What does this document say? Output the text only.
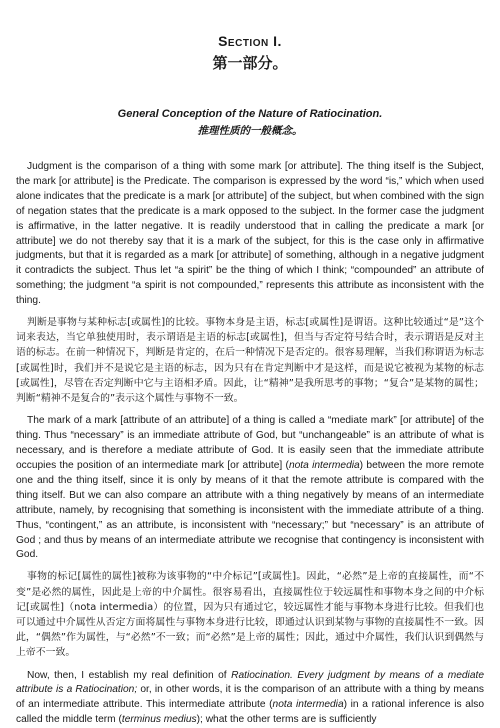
Section I.
第一部分。
General Conception of the Nature of Ratiocination.
推理性质的一般概念。

Judgment is the comparison of a thing with some mark [or attribute]. The thing itself is the Subject, the mark [or attribute] is the Predicate. The comparison is expressed by the word “is,” which when used alone indicates that the predicate is a mark [or attribute] of the subject, but when combined with the sign of negation states that the predicate is a mark opposed to the subject. In the former case the judgment is affirmative, in the latter negative. It is readily understood that in calling the predicate a mark [or attribute] we do not thereby say that it is a mark of the subject, for this is the case only in affirmative judgments, but that it is regarded as a mark [or attribute] of something, although in a negative judgment it contradicts the subject. Thus let “a spirit” be the thing of which I think; “compounded” an attribute of something; the judgment “a spirit is not compounded,” represents this attribute as inconsistent with the thing.

判断是事物与某种标志[或属性]的比较。事物本身是主语，标志[或属性]是谓语。这种比较通过“是”这个词来表达，当它单独使用时，表示谓语是主语的标志[或属性]，但当与否定符号结合时，表示谓语是反对主语的标志。在前一种情况下，判断是肯定的，在后一种情况下是否定的。很容易理解，当我们称谓语为标志[或属性]时，我们并不是说它是主语的标志，因为只有在肯定判断中才是这样，而是说它被视为某物的标志[或属性]，尽管在否定判断中它与主语相矛盾。因此，让“精神”是我所思考的事物；“复合”是某物的属性；判断“精神不是复合的”表示这个属性与事物不一致。

The mark of a mark [attribute of an attribute] of a thing is called a “mediate mark” [or attribute] of the thing. Thus “necessary” is an immediate attribute of God, but “unchangeable” is an attribute of what is necessary, and is therefore a mediate attribute of God. It is easily seen that the immediate attribute occupies the position of an intermediate mark [or attribute] (nota intermedia) between the more remote one and the thing itself, since it is only by means of it that the remote attribute is compared with the thing itself. But we can also compare an attribute with a thing negatively by means of an intermediate attribute, namely, by recognising that something is inconsistent with the immediate attribute of a thing. Thus, “contingent,” as an attribute, is inconsistent with “necessary;” but “necessary” is an attribute of God ; and thus by means of an intermediate attribute we recognise that contingency is inconsistent with God.

事物的标记[属性的属性]被称为该事物的“中介标记”[或属性]。因此，“必然”是上帝的直接属性，而“不变”是必然的属性，因此是上帝的中介属性。很容易看出，直接属性位于较远属性和事物本身之间的中介标记[或属性]（nota intermedia）的位置，因为只有通过它，较远属性才能与事物本身进行比较。但我们也可以通过中介属性从否定方面将属性与事物本身进行比较，即通过认识到某物与事物的直接属性不一致。因此，“偶然”作为属性，与“必然”不一致；而“必然”是上帝的属性；因此，通过中介属性，我们认识到偶然与上帝不一致。

Now, then, I establish my real definition of Ratiocination. Every judgment by means of a mediate attribute is a Ratiocination; or, in other words, it is the comparison of an attribute with a thing by means of an intermediate attribute. This intermediate attribute (nota intermedia) in a rational inference is also called the middle term (terminus medius); what the other terms are is sufficiently
